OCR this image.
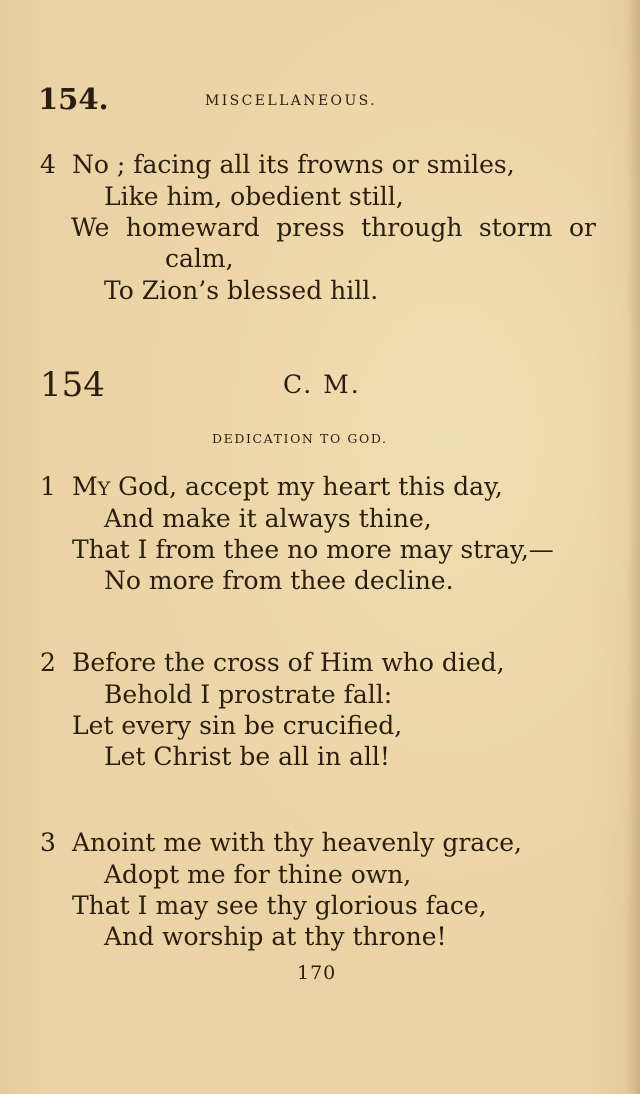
154.	MISCELLANEOUS.
4 No ; facing all its frowns or smiles,
Like him, obedient still,
We homeward press through storm or
calm,
To Zion’s blessed hill.
154	C. M.
DEDICATION TO GOD.
1 MY God, accept my heart this day,
And make it always thine,
That I from thee no more may stray,—
No more from thee decline.
2 Before the cross of Him who died,
Behold I prostrate fall:
Let every sin be crucified,
Let Christ be all in all!
3 Anoint me with thy heavenly grace,
Adopt me for thine own,
That I may see thy glorious face,
And worship at thy throne!
170
